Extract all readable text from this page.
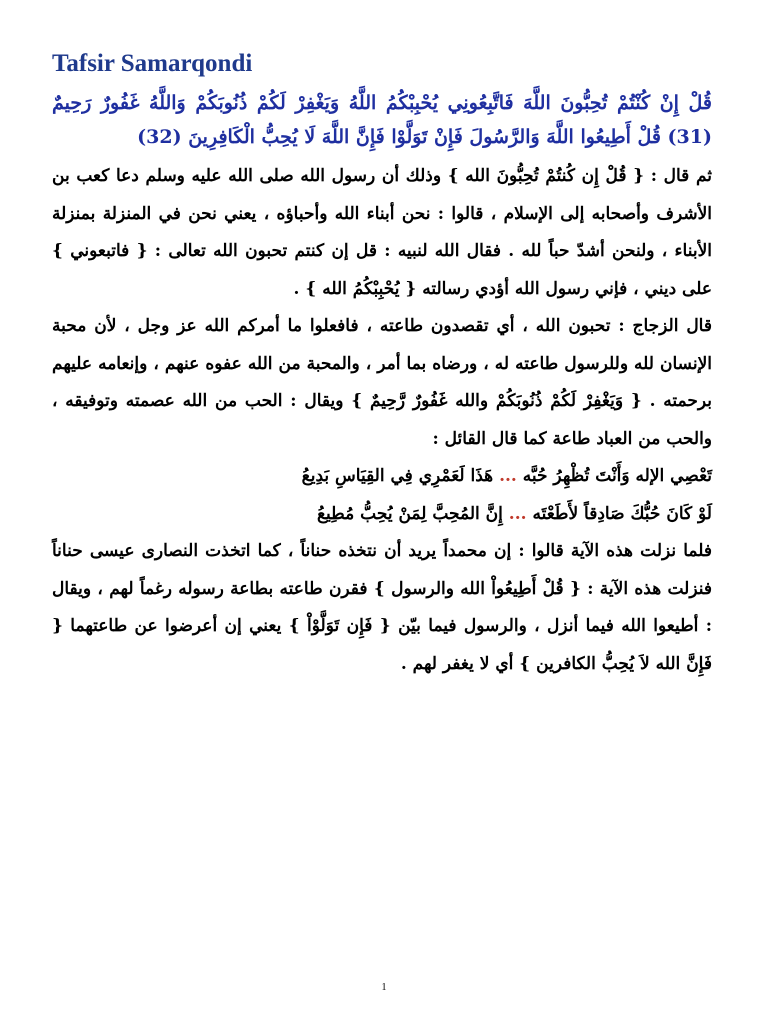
Tafsir Samarqondi

قُلْ إِنْ كُنْتُمْ تُحِبُّونَ اللَّهَ فَاتَّبِعُونِي يُحْبِبْكُمُ اللَّهُ وَيَغْفِرْ لَكُمْ ذُنُوبَكُمْ وَاللَّهُ غَفُورٌ رَحِيمٌ (31) قُلْ أَطِيعُوا اللَّهَ وَالرَّسُولَ فَإِنْ تَوَلَّوْا فَإِنَّ اللَّهَ لَا يُحِبُّ الْكَافِرِينَ (32)

ثم قال : { قُلْ إِن كُنتُمْ تُحِبُّونَ الله } وذلك أن رسول الله صلى الله عليه وسلم دعا كعب بن الأشرف وأصحابه إلى الإسلام ، قالوا : نحن أبناء الله وأحباؤه ، يعني نحن في المنزلة بمنزلة الأبناء ، ولنحن أشدّ حباً لله . فقال الله لنبيه : قل إن كنتم تحبون الله تعالى : { فاتبعوني } على ديني ، فإني رسول الله أؤدي رسالته { يُحْبِبْكُمُ الله } .

قال الزجاج : تحبون الله ، أي تقصدون طاعته ، فافعلوا ما أمركم الله عز وجل ، لأن محبة الإنسان لله وللرسول طاعته له ، ورضاه بما أمر ، والمحبة من الله عفوه عنهم ، وإنعامه عليهم برحمته . { وَيَغْفِرْ لَكُمْ ذُنُوبَكُمْ والله غَفُورٌ رَّحِيمٌ } ويقال : الحب من الله عصمته وتوفيقه ، والحب من العباد طاعة كما قال القائل :

تَعْصِي الإله وَأَنْتَ تُظْهِرُ حُبَّه ... هَذَا لَعَمْرِي فِي القِيَاسِ بَدِيعُ
لَوْ كَانَ حُبُّكَ صَادِقاً لأَطَعْتَه ... إِنَّ المُحِبَّ لِمَنْ يُحِبُّ مُطِيعُ

فلما نزلت هذه الآية قالوا : إن محمداً يريد أن نتخذه حناناً ، كما اتخذت النصارى عيسى حناناً فنزلت هذه الآية : { قُلْ أَطِيعُواْ الله والرسول } فقرن طاعته بطاعة رسوله رغماً لهم ، ويقال : أطيعوا الله فيما أنزل ، والرسول فيما بيّن { فَإِن تَوَلَّوْاْ } يعني إن أعرضوا عن طاعتهما { فَإِنَّ الله لاَ يُحِبُّ الكافرين } أي لا يغفر لهم .

1
